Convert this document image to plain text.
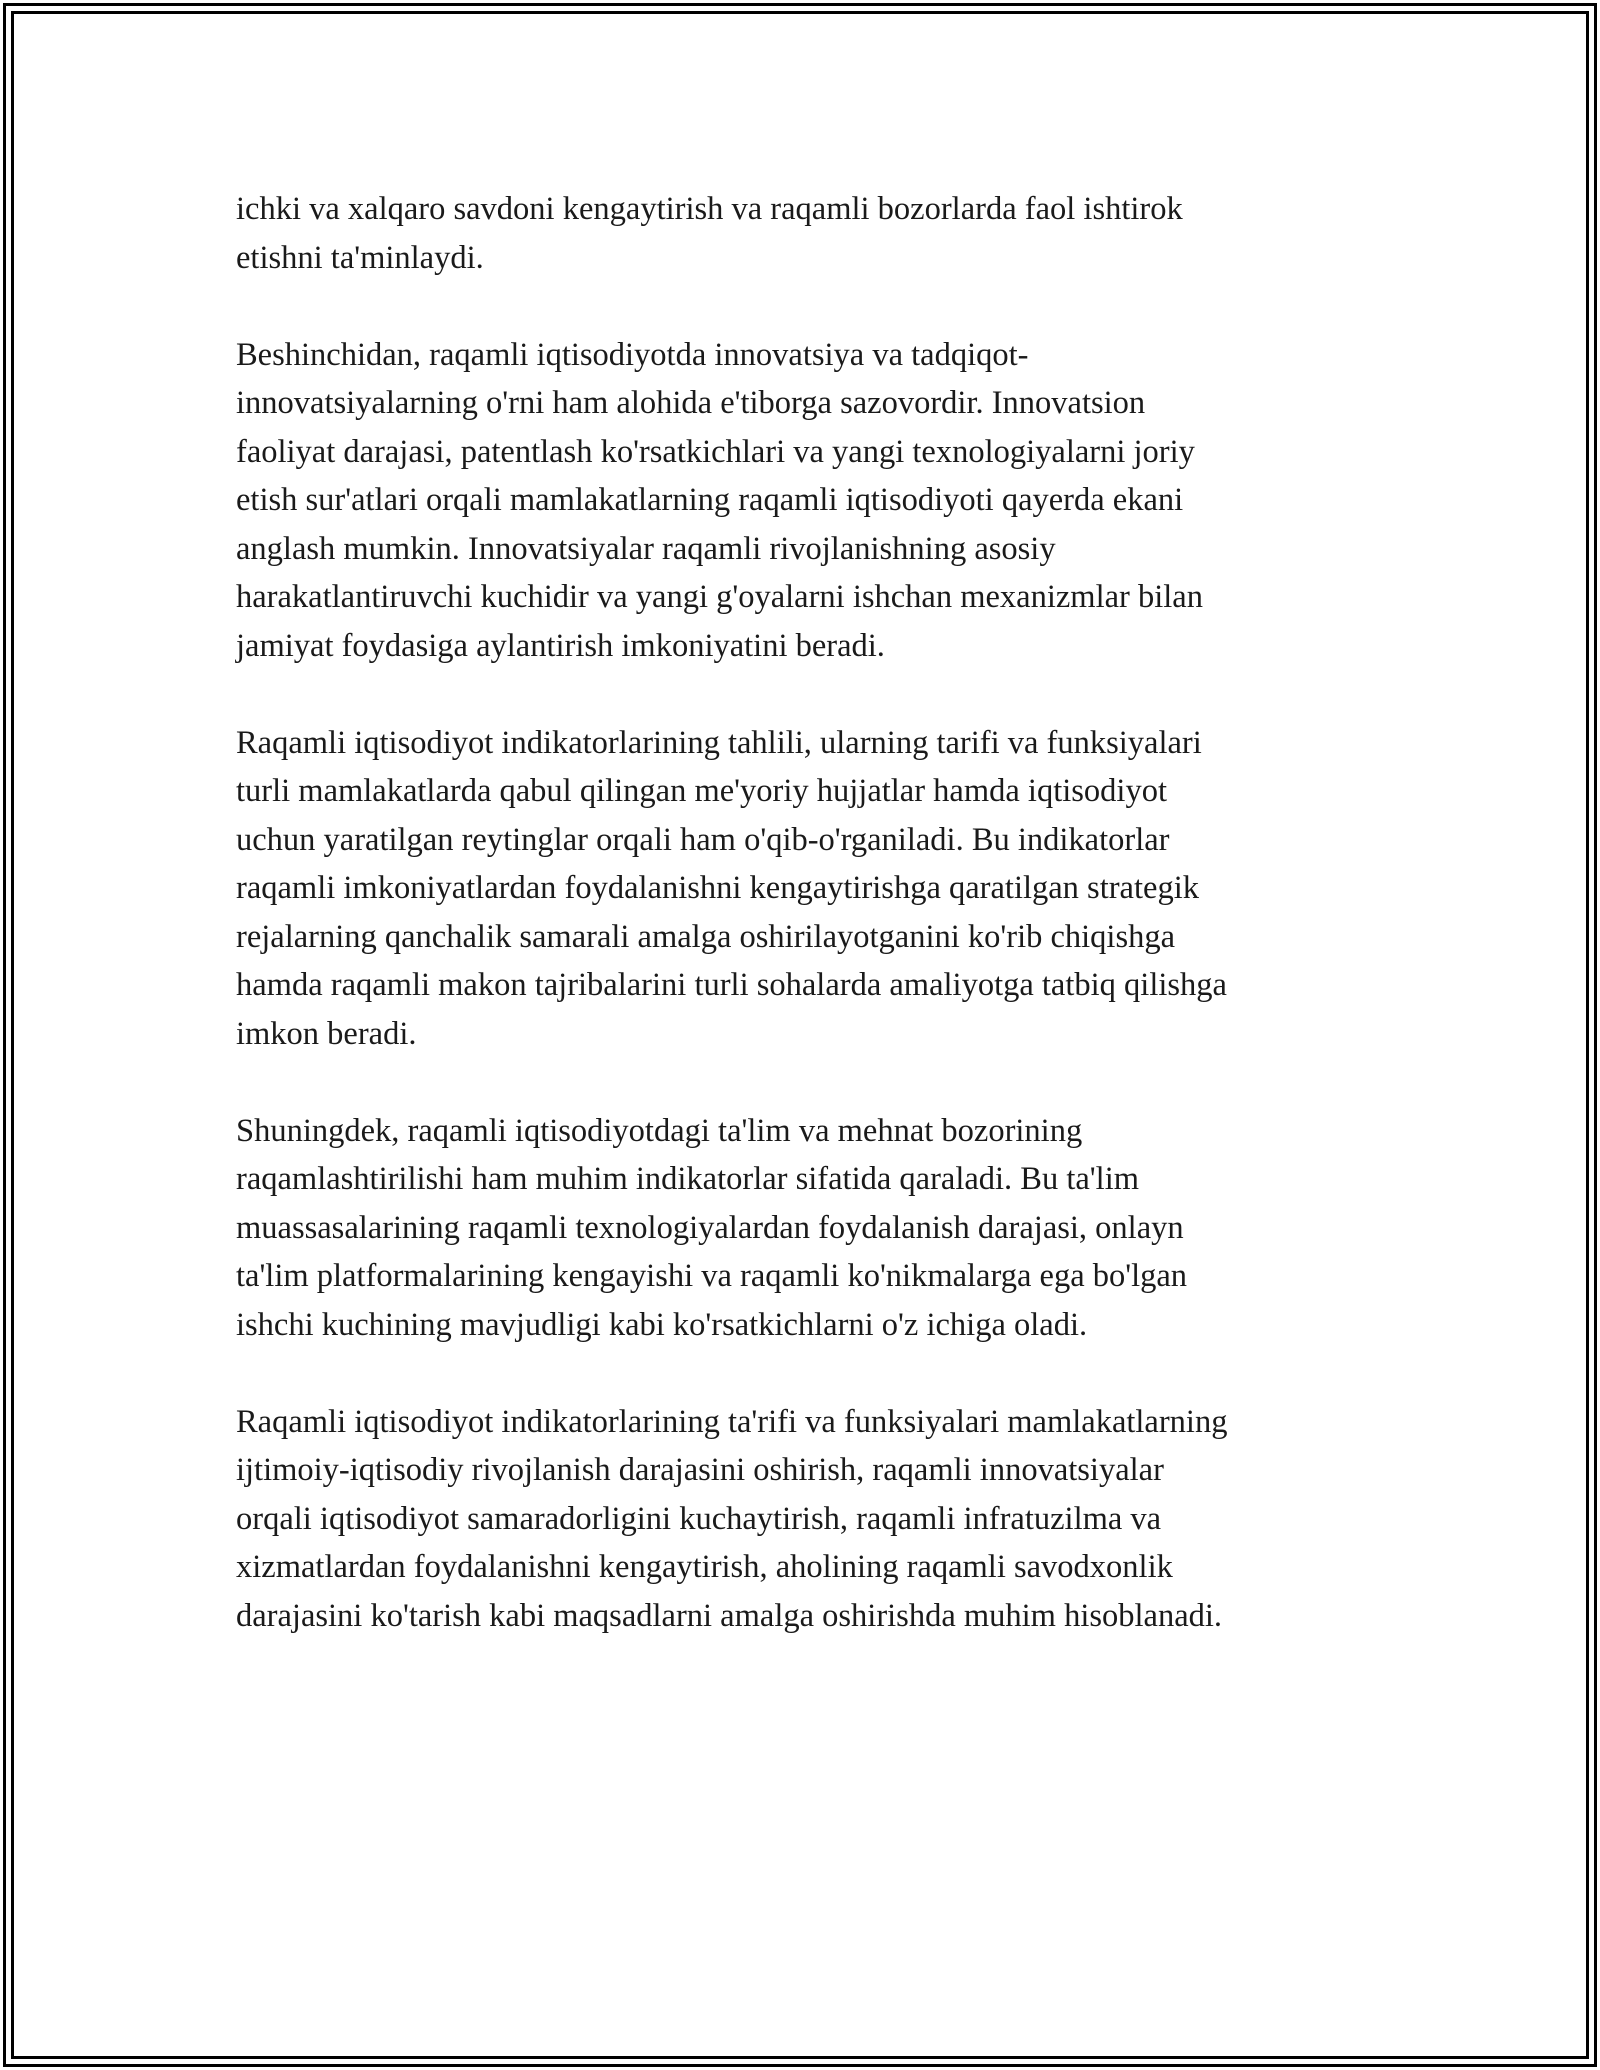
ichki va xalqaro savdoni kengaytirish va raqamli bozorlarda faol ishtirok
etishni ta'minlaydi.

Beshinchidan, raqamli iqtisodiyotda innovatsiya va tadqiqot-
innovatsiyalarning o'rni ham alohida e'tiborga sazovordir. Innovatsion
faoliyat darajasi, patentlash ko'rsatkichlari va yangi texnologiyalarni joriy
etish sur'atlari orqali mamlakatlarning raqamli iqtisodiyoti qayerda ekani
anglash mumkin. Innovatsiyalar raqamli rivojlanishning asosiy
harakatlantiruvchi kuchidir va yangi g'oyalarni ishchan mexanizmlar bilan
jamiyat foydasiga aylantirish imkoniyatini beradi.

Raqamli iqtisodiyot indikatorlarining tahlili, ularning tarifi va funksiyalari
turli mamlakatlarda qabul qilingan me'yoriy hujjatlar hamda iqtisodiyot
uchun yaratilgan reytinglar orqali ham o'qib-o'rganiladi. Bu indikatorlar
raqamli imkoniyatlardan foydalanishni kengaytirishga qaratilgan strategik
rejalarning qanchalik samarali amalga oshirilayotganini ko'rib chiqishga
hamda raqamli makon tajribalarini turli sohalarda amaliyotga tatbiq qilishga
imkon beradi.

Shuningdek, raqamli iqtisodiyotdagi ta'lim va mehnat bozorining
raqamlashtirilishi ham muhim indikatorlar sifatida qaraladi. Bu ta'lim
muassasalarining raqamli texnologiyalardan foydalanish darajasi, onlayn
ta'lim platformalarining kengayishi va raqamli ko'nikmalarga ega bo'lgan
ishchi kuchining mavjudligi kabi ko'rsatkichlarni o'z ichiga oladi.

Raqamli iqtisodiyot indikatorlarining ta'rifi va funksiyalari mamlakatlarning
ijtimoiy-iqtisodiy rivojlanish darajasini oshirish, raqamli innovatsiyalar
orqali iqtisodiyot samaradorligini kuchaytirish, raqamli infratuzilma va
xizmatlardan foydalanishni kengaytirish, aholining raqamli savodxonlik
darajasini ko'tarish kabi maqsadlarni amalga oshirishda muhim hisoblanadi.
